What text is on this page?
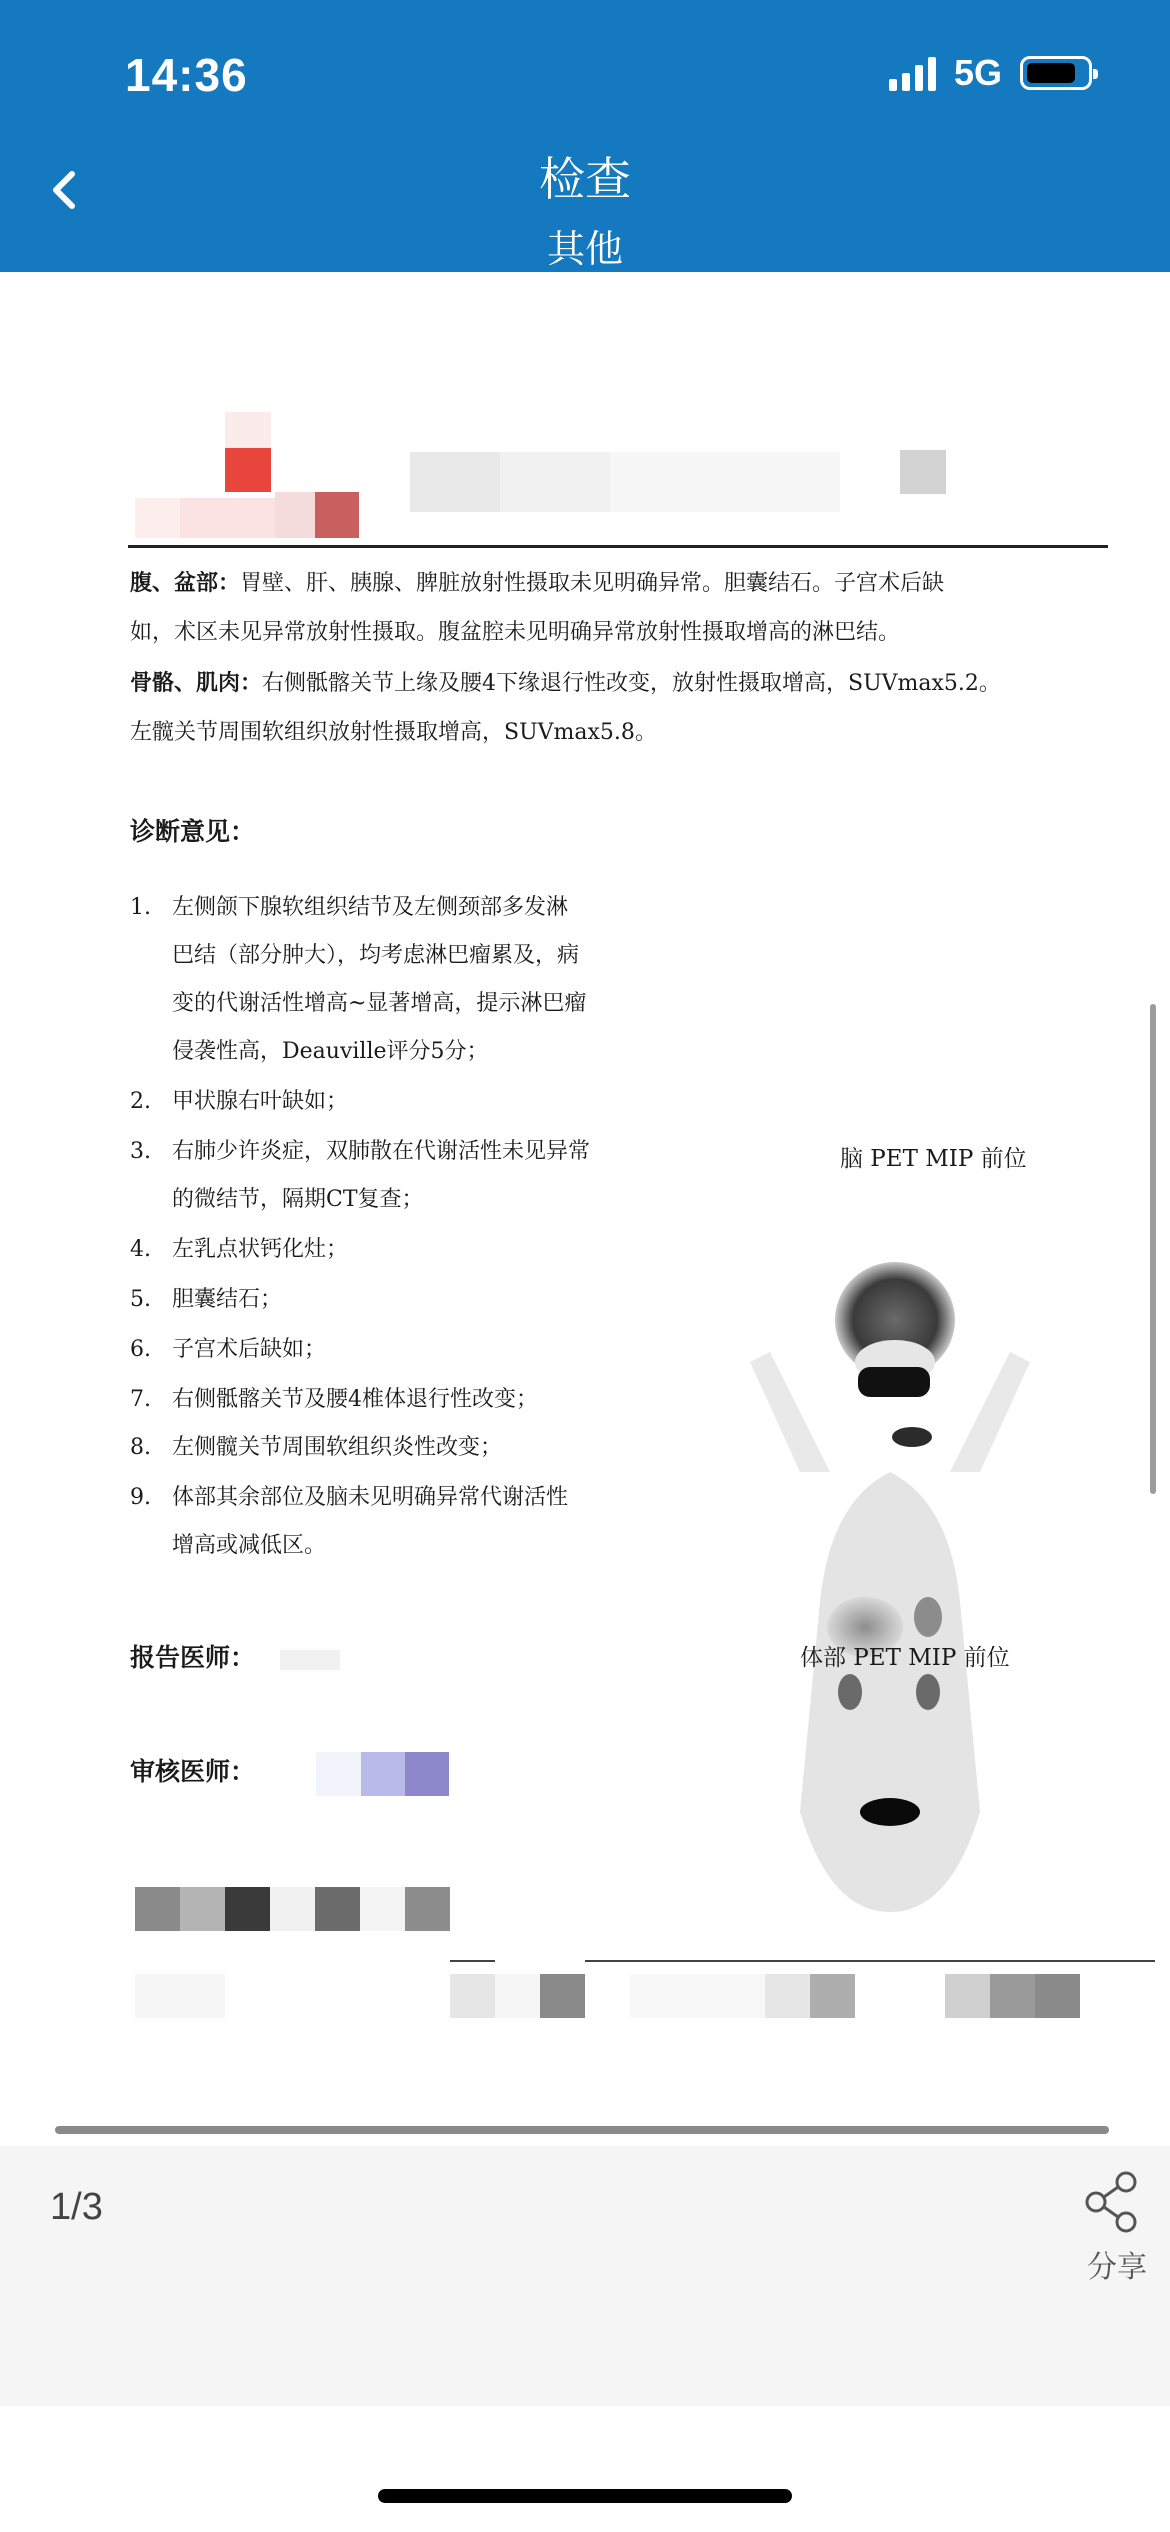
14:36	5G
检查
其他
腹、盆部：胃壁、肝、胰腺、脾脏放射性摄取未见明确异常。胆囊结石。子宫术后缺
如，术区未见异常放射性摄取。腹盆腔未见明确异常放射性摄取增高的淋巴结。
骨骼、肌肉：右侧骶髂关节上缘及腰4下缘退行性改变，放射性摄取增高，SUVmax5.2。
左髋关节周围软组织放射性摄取增高，SUVmax5.8。
诊断意见：
1. 左侧颌下腺软组织结节及左侧颈部多发淋
巴结（部分肿大），均考虑淋巴瘤累及，病
变的代谢活性增高~显著增高，提示淋巴瘤
侵袭性高，Deauville评分5分；
2. 甲状腺右叶缺如；
3. 右肺少许炎症，双肺散在代谢活性未见异常
的微结节，隔期CT复查；
4. 左乳点状钙化灶；
5. 胆囊结石；
6. 子宫术后缺如；
7. 右侧骶髂关节及腰4椎体退行性改变；
8. 左侧髋关节周围软组织炎性改变；
9. 体部其余部位及脑未见明确异常代谢活性
增高或减低区。
脑 PET MIP 前位
体部 PET MIP 前位
报告医师：
审核医师：
1/3
分享
